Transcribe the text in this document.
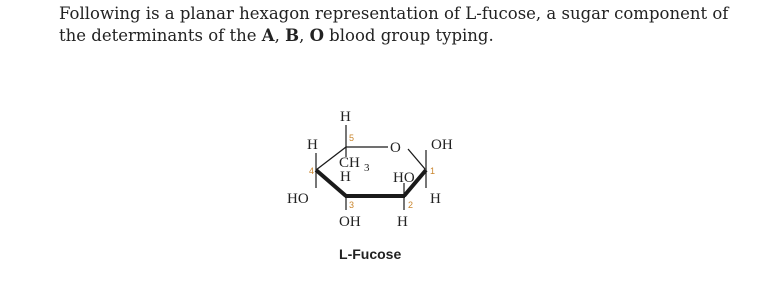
Following is a planar hexagon representation of L-fucose, a sugar component of the determinants of the A, B, O blood group typing.
H
H	O OH
CH 3
H	HO
HO	H
OH H
5
4	1
3	2
L-Fucose
